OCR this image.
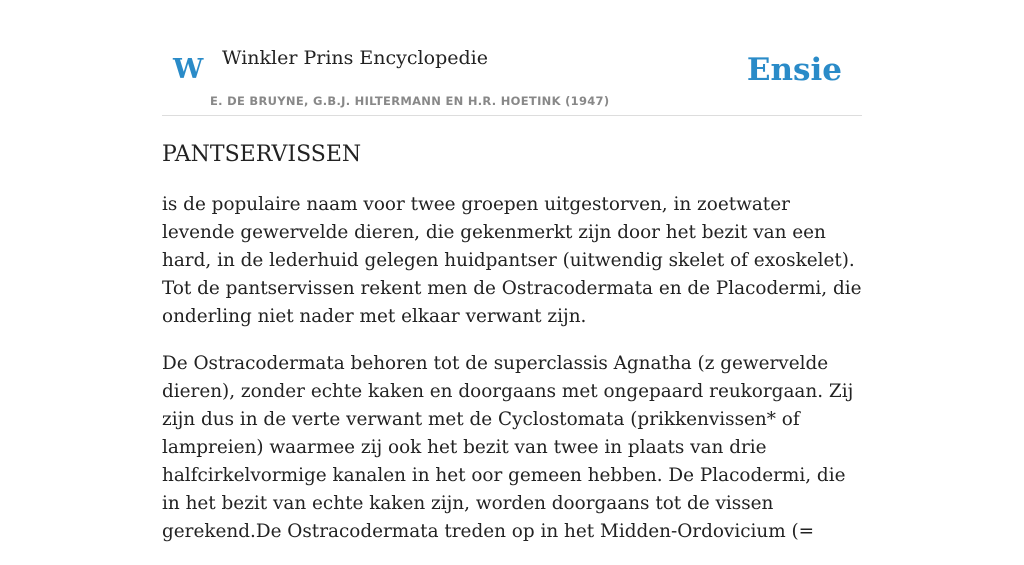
W Winkler Prins Encyclopedie
E. DE BRUYNE, G.B.J. HILTERMANN EN H.R. HOETINK (1947)
Ensie
PANTSERVISSEN

is de populaire naam voor twee groepen uitgestorven, in zoetwater levende gewervelde dieren, die gekenmerkt zijn door het bezit van een hard, in de lederhuid gelegen huidpantser (uitwendig skelet of exoskelet). Tot de pantservissen rekent men de Ostracodermata en de Placodermi, die onderling niet nader met elkaar verwant zijn.

De Ostracodermata behoren tot de superclassis Agnatha (z gewervelde dieren), zonder echte kaken en doorgaans met ongepaard reukorgaan. Zij zijn dus in de verte verwant met de Cyclostomata (prikkenvissen* of lampreien) waarmee zij ook het bezit van twee in plaats van drie halfcirkelvormige kanalen in het oor gemeen hebben. De Placodermi, die in het bezit van echte kaken zijn, worden doorgaans tot de vissen gerekend.De Ostracodermata treden op in het Midden-Ordovicium (=
